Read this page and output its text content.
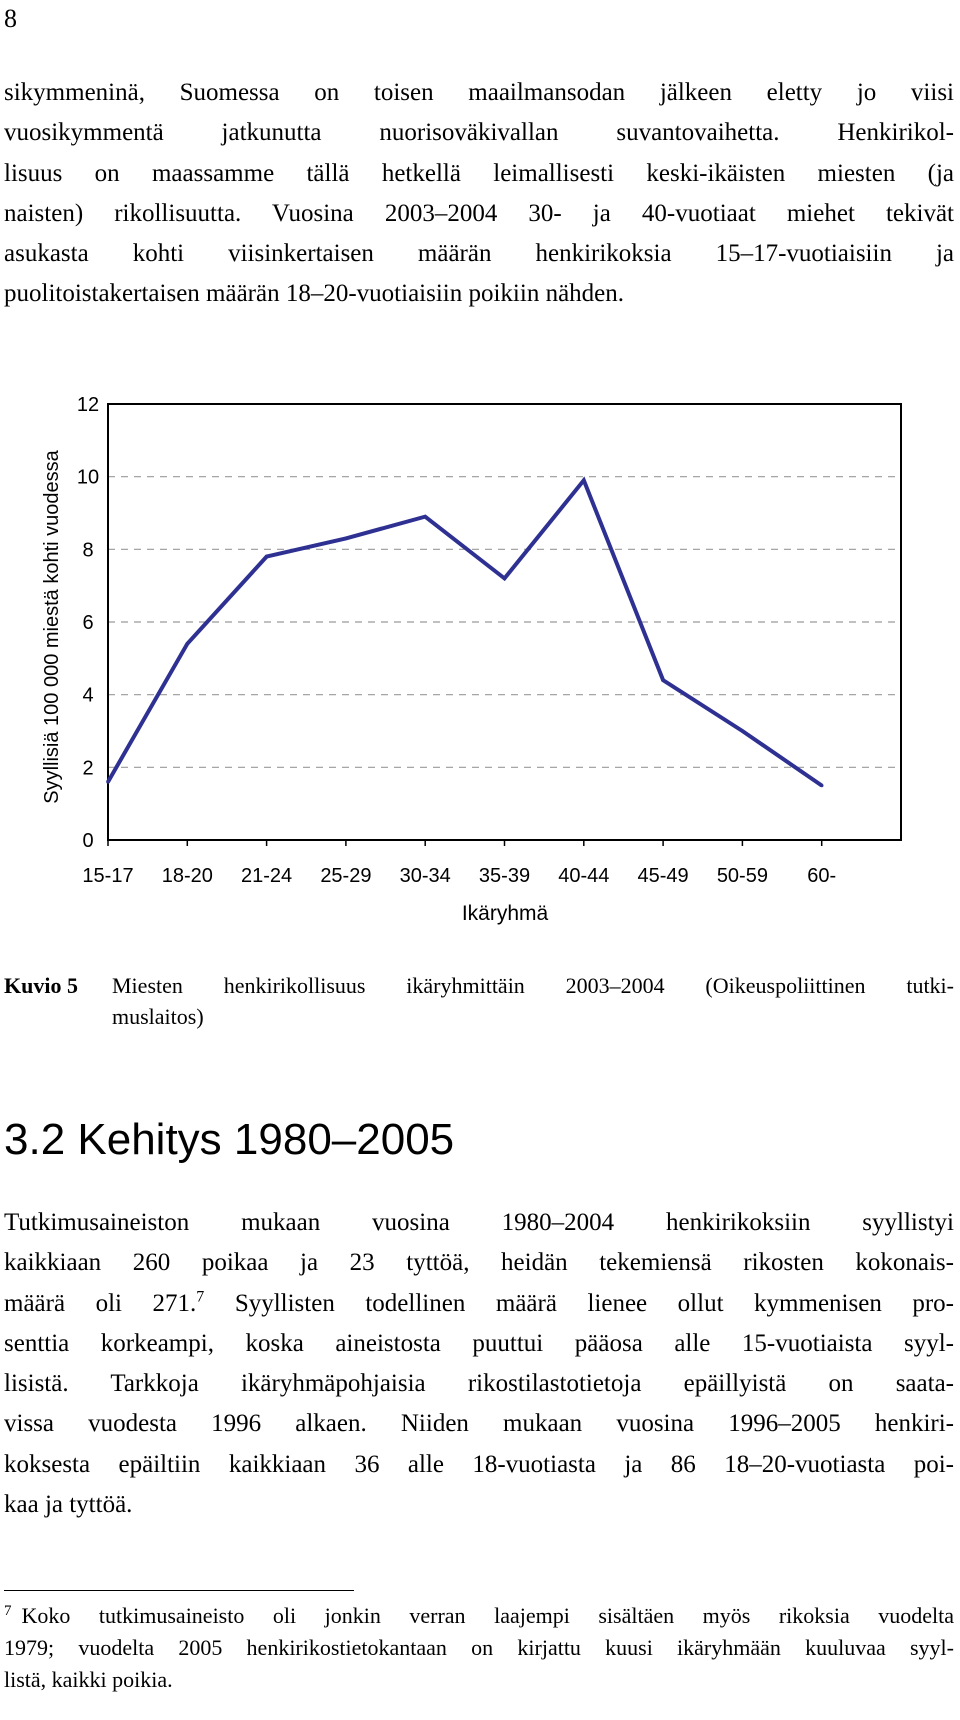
8

sikymmeninä, Suomessa on toisen maailmansodan jälkeen eletty jo viisi
vuosikymmentä jatkunutta nuorisoväkivallan suvantovaihetta. Henkirikol-
lisuus on maassamme tällä hetkellä leimallisesti keski-ikäisten miesten (ja
naisten) rikollisuutta. Vuosina 2003–2004 30- ja 40-vuotiaat miehet tekivät
asukasta kohti viisinkertaisen määrän henkirikoksia 15–17-vuotiaisiin ja
puolitoistakertaisen määrän 18–20-vuotiaisiin poikiin nähden.

0
2
4
6
8
10
12
15-17 18-20 21-24 25-29 30-34 35-39 40-44 45-49 50-59 60-
Ikäryhmä
Syyllisiä 100 000 miestä kohti vuodessa
Kuvio 5 Miesten henkirikollisuus ikäryhmittäin 2003–2004 (Oikeuspoliittinen tutki-
muslaitos)
3.2 Kehitys 1980–2005

Tutkimusaineiston mukaan vuosina 1980–2004 henkirikoksiin syyllistyi
kaikkiaan 260 poikaa ja 23 tyttöä, heidän tekemiensä rikosten kokonais-
määrä oli 271.$^7$ Syyllisten todellinen määrä lienee ollut kymmenisen pro-
senttia korkeampi, koska aineistosta puuttui pääosa alle 15-vuotiaista syyl-
lisistä. Tarkkoja ikäryhmäpohjaisia rikostilastotietoja epäillyistä on saata-
vissa vuodesta 1996 alkaen. Niiden mukaan vuosina 1996–2005 henkiri-
koksesta epäiltiin kaikkiaan 36 alle 18-vuotiasta ja 86 18–20-vuotiasta poi-
kaa ja tyttöä.

$^7$ Koko tutkimusaineisto oli jonkin verran laajempi sisältäen myös rikoksia vuodelta
1979; vuodelta 2005 henkirikostietokantaan on kirjattu kuusi ikäryhmään kuuluvaa syyl-
listä, kaikki poikia.
